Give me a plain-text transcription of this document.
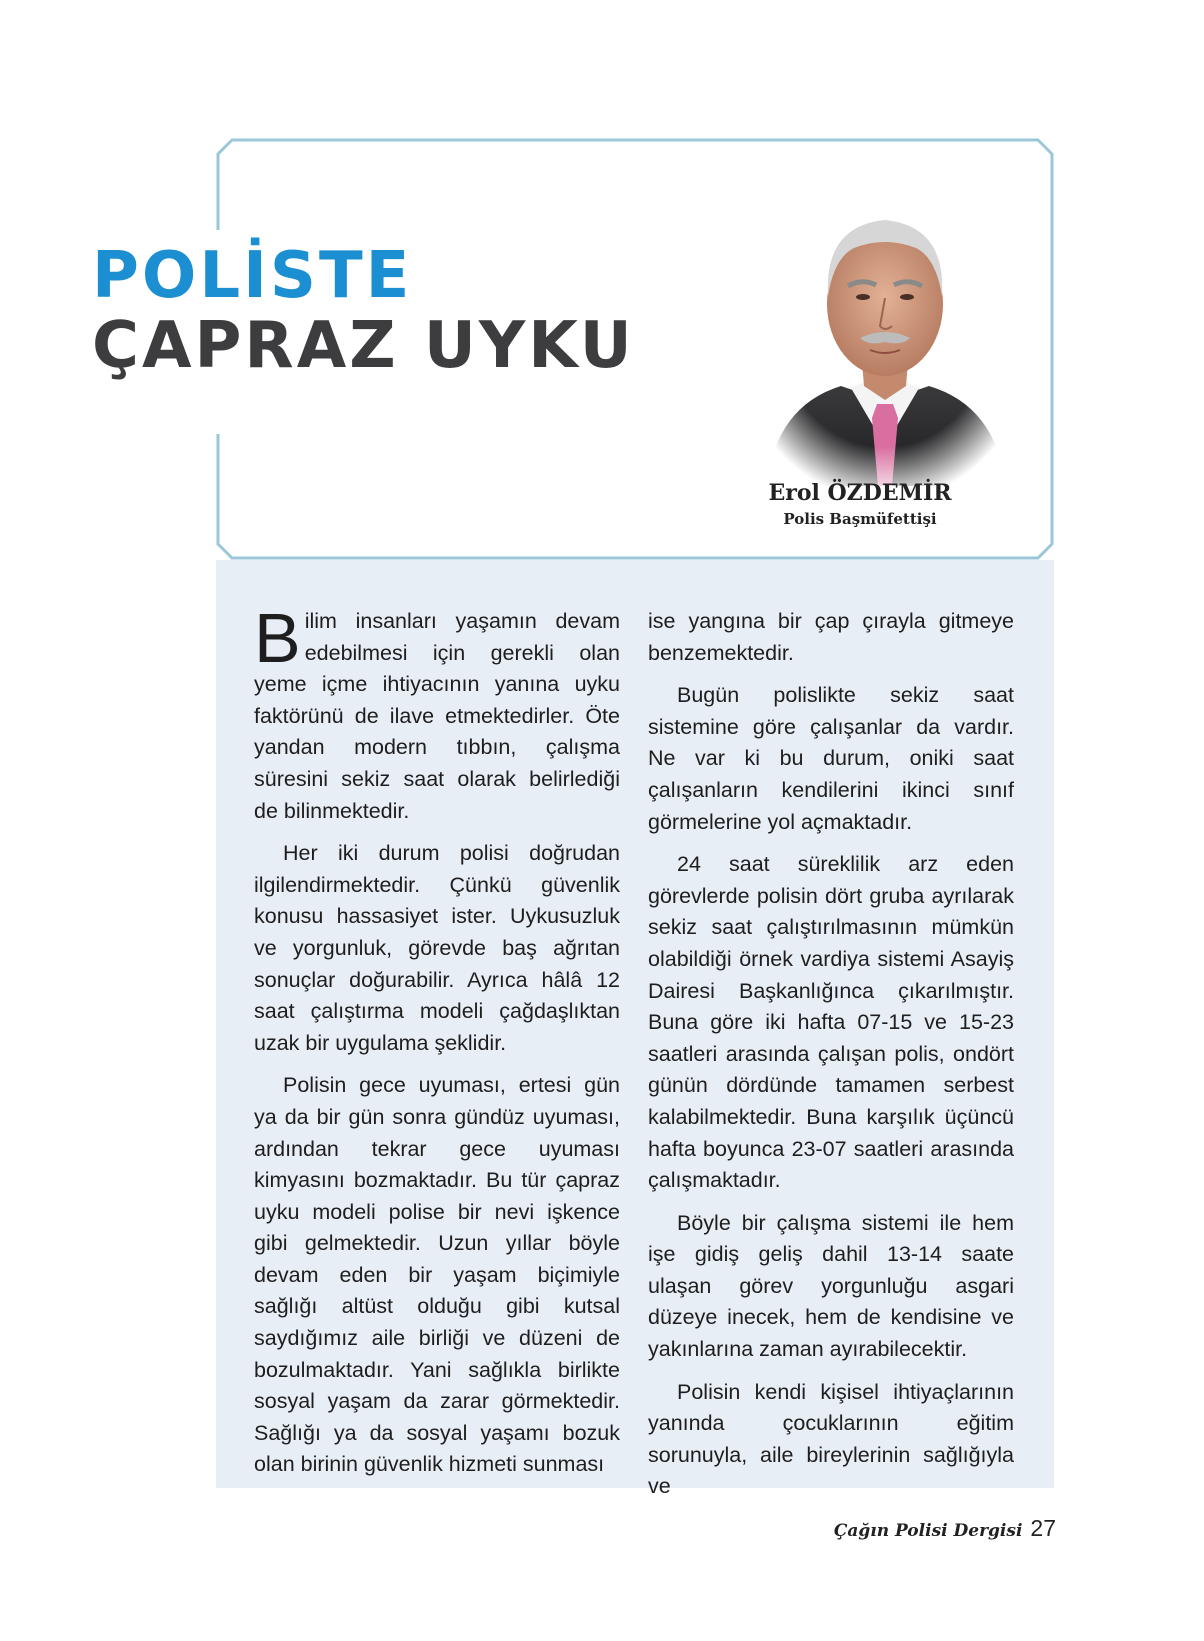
POLİSTE
ÇAPRAZ UYKU
Erol ÖZDEMİR
Polis Başmüfettişi

Bilim insanları yaşamın devam edebilmesi için gerekli olan yeme içme ihtiyacının yanına uyku faktörünü de ilave etmektedirler. Öte yandan modern tıbbın, çalışma süresini sekiz saat olarak belirlediği de bilinmektedir.

Her iki durum polisi doğrudan ilgilendirmektedir. Çünkü güvenlik konusu hassasiyet ister. Uykusuzluk ve yorgunluk, görevde baş ağrıtan sonuçlar doğurabilir. Ayrıca hâlâ 12 saat çalıştırma modeli çağdaşlıktan uzak bir uygulama şeklidir.

Polisin gece uyuması, ertesi gün ya da bir gün sonra gündüz uyuması, ardından tekrar gece uyuması kimyasını bozmaktadır. Bu tür çapraz uyku modeli polise bir nevi işkence gibi gelmektedir. Uzun yıllar böyle devam eden bir yaşam biçimiyle sağlığı altüst olduğu gibi kutsal saydığımız aile birliği ve düzeni de bozulmaktadır. Yani sağlıkla birlikte sosyal yaşam da zarar görmektedir. Sağlığı ya da sosyal yaşamı bozuk olan birinin güvenlik hizmeti sunması

ise yangına bir çap çırayla gitmeye benzemektedir.

Bugün polislikte sekiz saat sistemine göre çalışanlar da vardır. Ne var ki bu durum, oniki saat çalışanların kendilerini ikinci sınıf görmelerine yol açmaktadır.

24 saat süreklilik arz eden görevlerde polisin dört gruba ayrılarak sekiz saat çalıştırılmasının mümkün olabildiği örnek vardiya sistemi Asayiş Dairesi Başkanlığınca çıkarılmıştır. Buna göre iki hafta 07-15 ve 15-23 saatleri arasında çalışan polis, ondört günün dördünde tamamen serbest kalabilmektedir. Buna karşılık üçüncü hafta boyunca 23-07 saatleri arasında çalışmaktadır.

Böyle bir çalışma sistemi ile hem işe gidiş geliş dahil 13-14 saate ulaşan görev yorgunluğu asgari düzeye inecek, hem de kendisine ve yakınlarına zaman ayırabilecektir.

Polisin kendi kişisel ihtiyaçlarının yanında çocuklarının eğitim sorunuyla, aile bireylerinin sağlığıyla ve

Çağın Polisi Dergisi 27
